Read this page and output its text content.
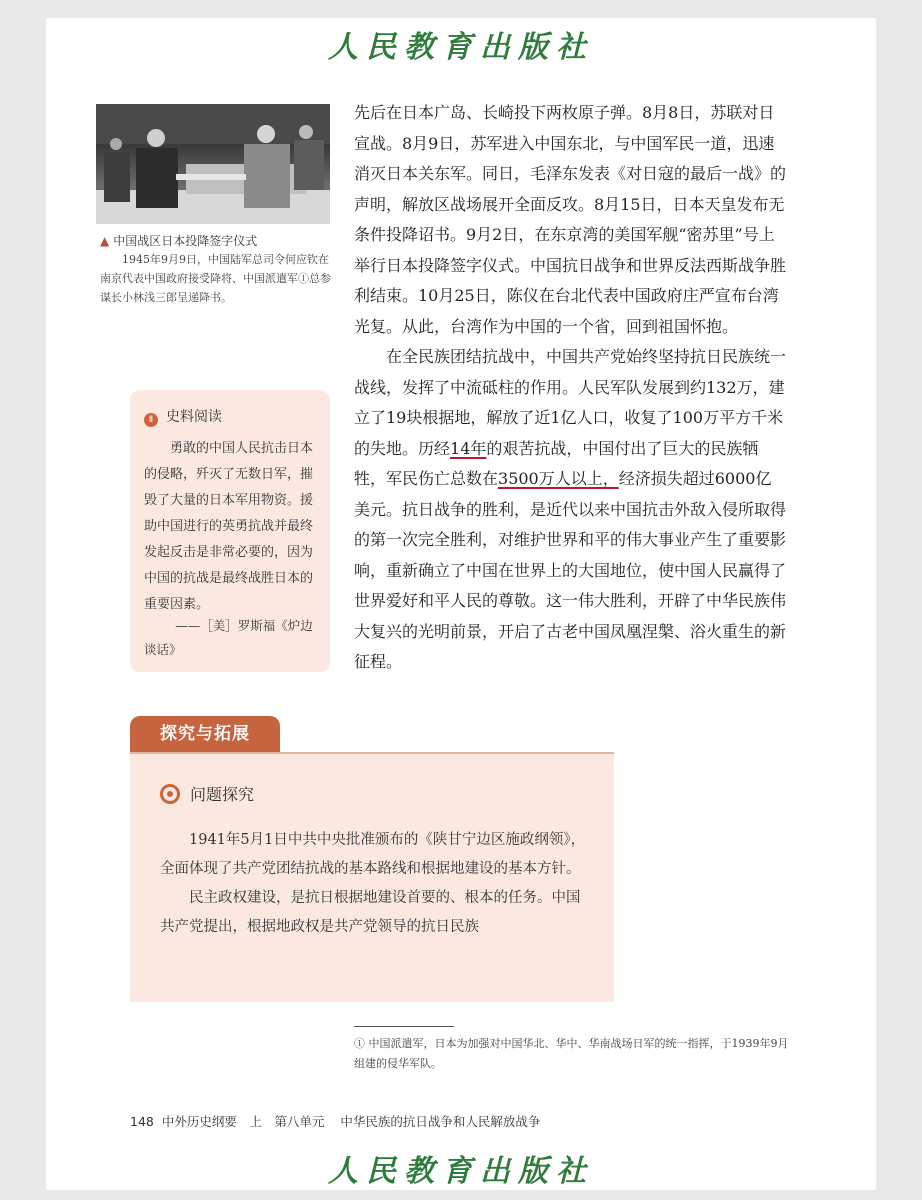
人民教育出版社
▲ 中国战区日本投降签字仪式
1945年9月9日，中国陆军总司令何应钦在南京代表中国政府接受降将、中国派遣军①总参谋长小林浅三郎呈递降书。

先后在日本广岛、长崎投下两枚原子弹。8月8日，苏联对日宣战。8月9日，苏军进入中国东北，与中国军民一道，迅速消灭日本关东军。同日，毛泽东发表《对日寇的最后一战》的声明，解放区战场展开全面反攻。8月15日，日本天皇发布无条件投降诏书。9月2日，在东京湾的美国军舰“密苏里”号上举行日本投降签字仪式。中国抗日战争和世界反法西斯战争胜利结束。10月25日，陈仪在台北代表中国政府庄严宣布台湾光复。从此，台湾作为中国的一个省，回到祖国怀抱。

在全民族团结抗战中，中国共产党始终坚持抗日民族统一战线，发挥了中流砥柱的作用。人民军队发展到约132万，建立了19块根据地，解放了近1亿人口，收复了100万平方千米的失地。历经14年的艰苦抗战，中国付出了巨大的民族牺牲，军民伤亡总数在3500万人以上，经济损失超过6000亿美元。抗日战争的胜利，是近代以来中国抗击外敌入侵所取得的第一次完全胜利，对维护世界和平的伟大事业产生了重要影响，重新确立了中国在世界上的大国地位，使中国人民赢得了世界爱好和平人民的尊敬。这一伟大胜利，开辟了中华民族伟大复兴的光明前景，开启了古老中国凤凰涅槃、浴火重生的新征程。

Ⅱ 史料阅读
勇敢的中国人民抗击日本的侵略，歼灭了无数日军，摧毁了大量的日本军用物资。援助中国进行的英勇抗战并最终发起反击是非常必要的，因为中国的抗战是最终战胜日本的重要因素。
——［美］罗斯福《炉边谈话》
探究与拓展
问题探究

1941年5月1日中共中央批准颁布的《陕甘宁边区施政纲领》，全面体现了共产党团结抗战的基本路线和根据地建设的基本方针。

民主政权建设，是抗日根据地建设首要的、根本的任务。中国共产党提出，根据地政权是共产党领导的抗日民族

① 中国派遣军，日本为加强对中国华北、华中、华南战场日军的统一指挥，于1939年9月组建的侵华军队。
148 中外历史纲要　上　 第八单元 中华民族的抗日战争和人民解放战争
人民教育出版社
